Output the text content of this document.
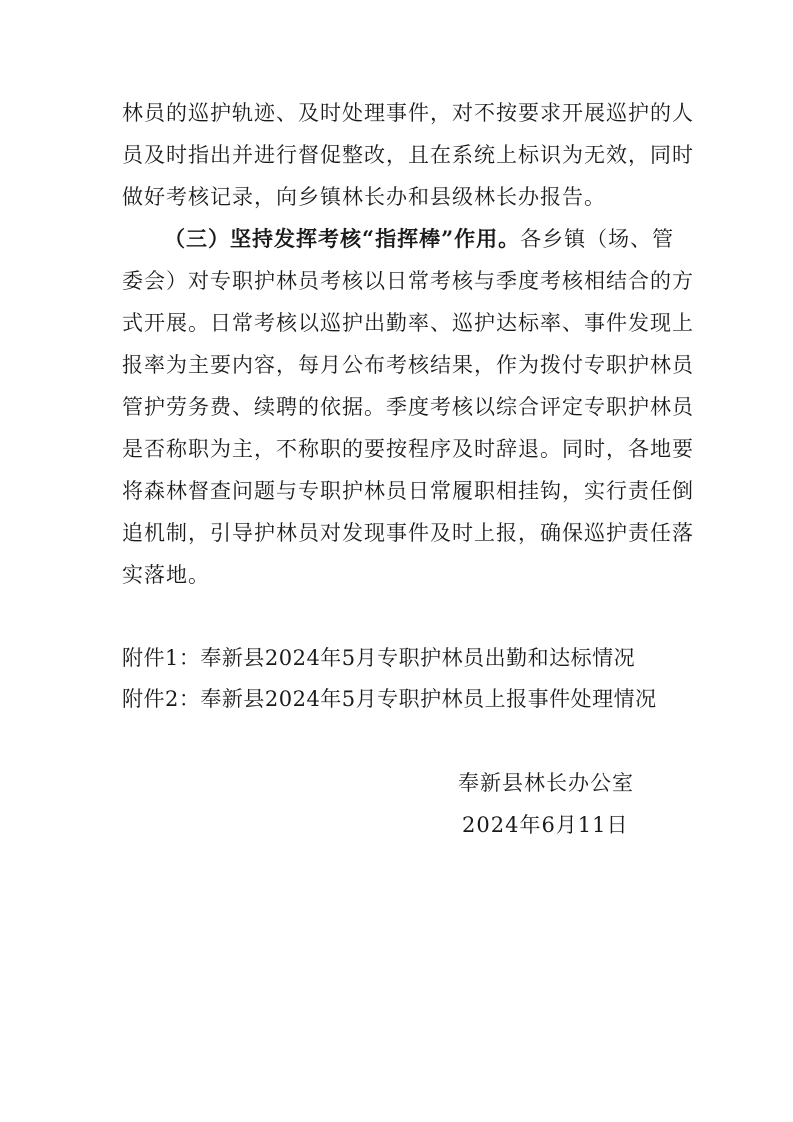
林员的巡护轨迹、及时处理事件，对不按要求开展巡护的人
员及时指出并进行督促整改，且在系统上标识为无效，同时
做好考核记录，向乡镇林长办和县级林长办报告。
（三）坚持发挥考核“指挥棒”作用。各乡镇（场、管
委会）对专职护林员考核以日常考核与季度考核相结合的方
式开展。日常考核以巡护出勤率、巡护达标率、事件发现上
报率为主要内容，每月公布考核结果，作为拨付专职护林员
管护劳务费、续聘的依据。季度考核以综合评定专职护林员
是否称职为主，不称职的要按程序及时辞退。同时，各地要
将森林督查问题与专职护林员日常履职相挂钩，实行责任倒
追机制，引导护林员对发现事件及时上报，确保巡护责任落
实落地。
附件1：奉新县2024年5月专职护林员出勤和达标情况
附件2：奉新县2024年5月专职护林员上报事件处理情况
奉新县林长办公室
2024年6月11日
